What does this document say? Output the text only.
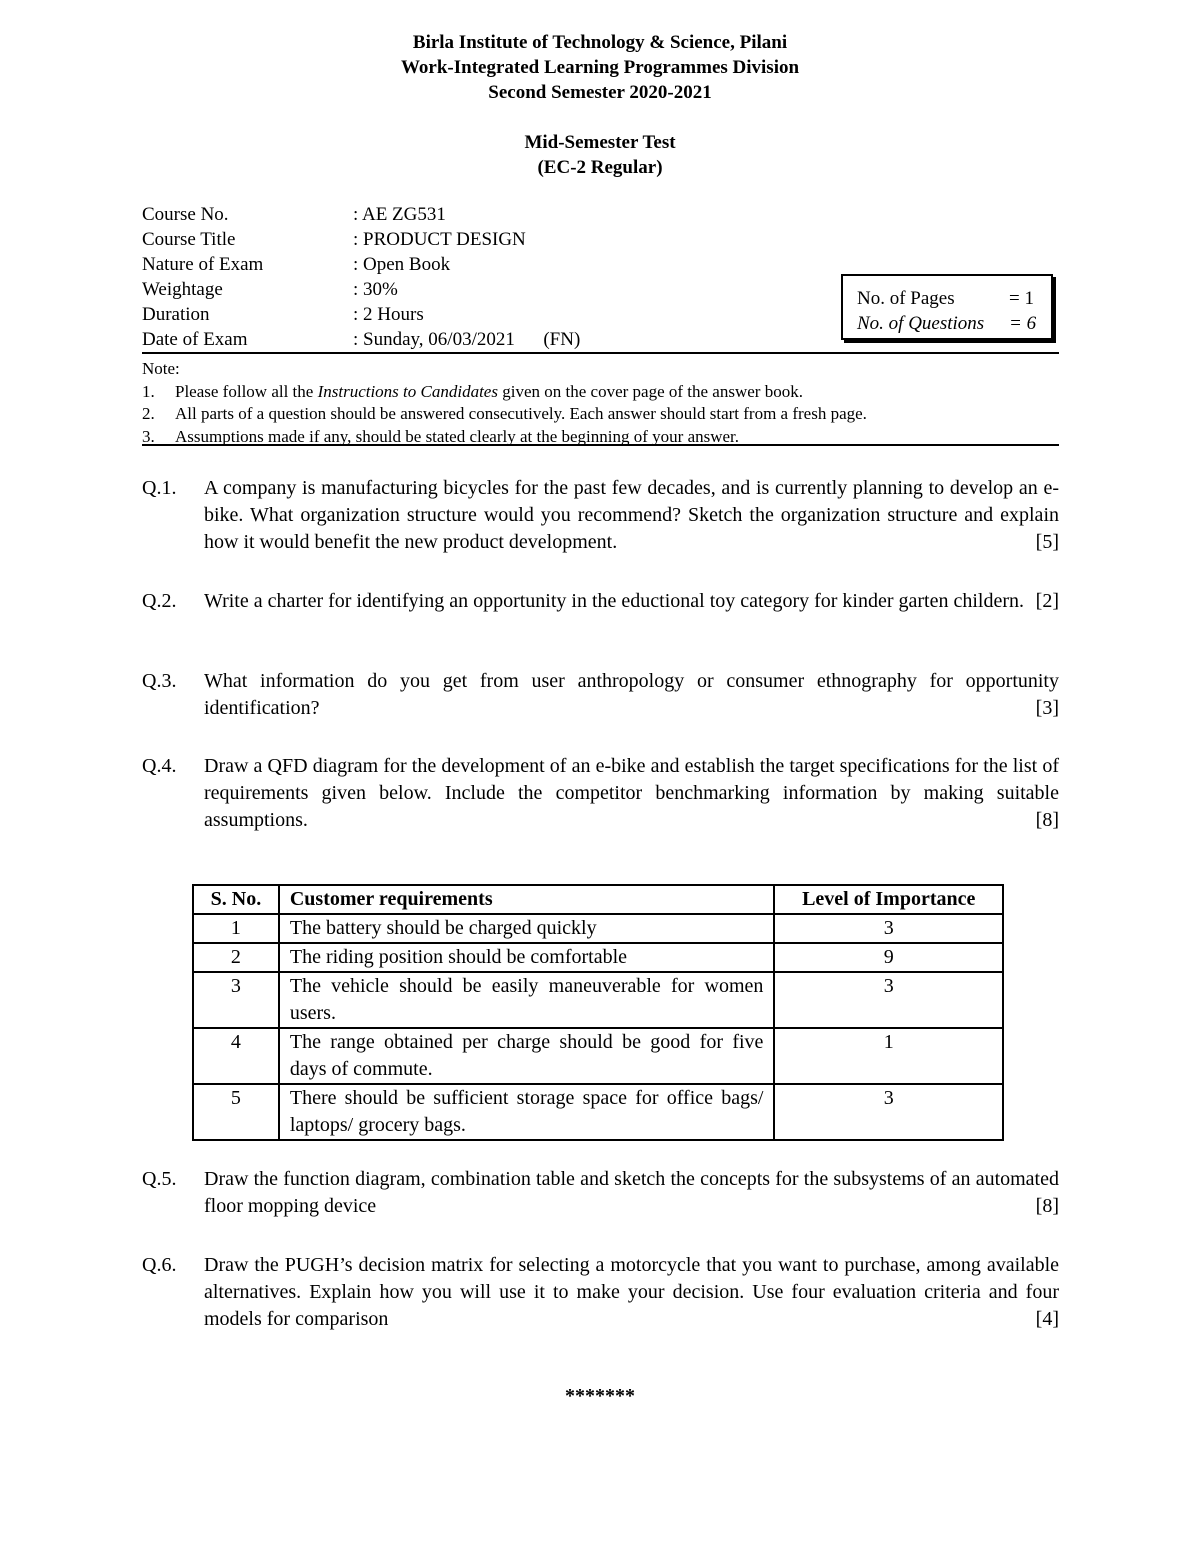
Birla Institute of Technology & Science, Pilani
Work-Integrated Learning Programmes Division
Second Semester 2020-2021
Mid-Semester Test
(EC-2 Regular)
Course No.	: AE ZG531
Course Title	: PRODUCT DESIGN
Nature of Exam	: Open Book
Weightage	: 30%
Duration	: 2 Hours
Date of Exam	: Sunday, 06/03/2021      (FN)
No. of Pages	= 1
No. of Questions = 6
Note:
1.	Please follow all the Instructions to Candidates given on the cover page of the answer book.
2.	All parts of a question should be answered consecutively. Each answer should start from a fresh page.
3.	Assumptions made if any, should be stated clearly at the beginning of your answer.
Q.1.	A company is manufacturing bicycles for the past few decades, and is currently planning to develop an e-bike. What organization structure would you recommend? Sketch the organization structure and explain how it would benefit the new product development.	[5]
Q.2.	Write a charter for identifying an opportunity in the eductional toy category for kinder garten childern. [2]
Q.3.	What information do you get from user anthropology or consumer ethnography for opportunity identification?	[3]
Q.4.	Draw a QFD diagram for the development of an e-bike and establish the target specifications for the list of requirements given below. Include the competitor benchmarking information by making suitable assumptions.	[8]
S. No.	Customer requirements	Level of Importance
1	The battery should be charged quickly	3
2	The riding position should be comfortable	9
3	The vehicle should be easily maneuverable for women users.	3
4	The range obtained per charge should be good for five days of commute.	1
5	There should be sufficient storage space for office bags/ laptops/ grocery bags.	3
Q.5.	Draw the function diagram, combination table and sketch the concepts for the subsystems of an automated floor mopping device	[8]
Q.6.	Draw the PUGH’s decision matrix for selecting a motorcycle that you want to purchase, among available alternatives. Explain how you will use it to make your decision. Use four evaluation criteria and four models for comparison	[4]
*******
